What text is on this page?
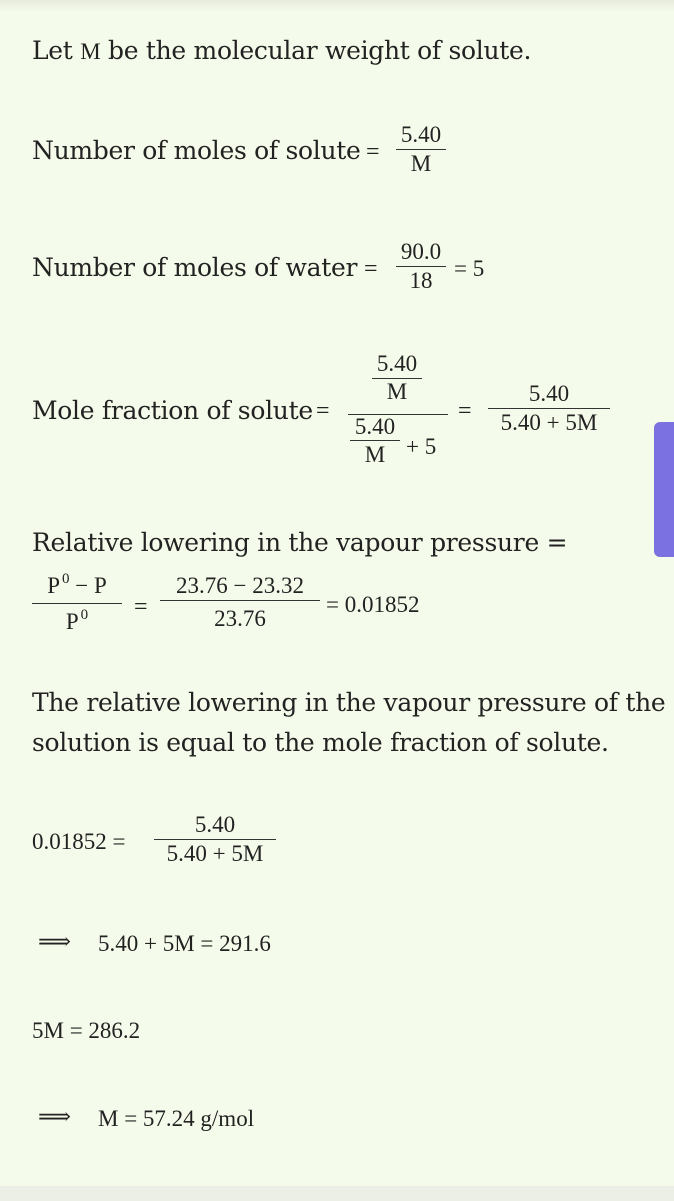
Let M be the molecular weight of solute.
Number of moles of solute =
5.40
M
Number of moles of water =
90.0
18 = 5
Mole fraction of solute =
5.40
M
5.40
M + 5
=
5.40
5.40 + 5M
Relative lowering in the vapour pressure =
P $^0$ − P
P $^0$	=
23.76 − 23.32
23.76
= 0.01852
The relative lowering in the vapour pressure of the
solution is equal to the mole fraction of solute.
0.01852 =
5.40
5.40 + 5M
⟹ 5.40 + 5M = 291.6
5M = 286.2
⟹ M = 57.24 g/mol
